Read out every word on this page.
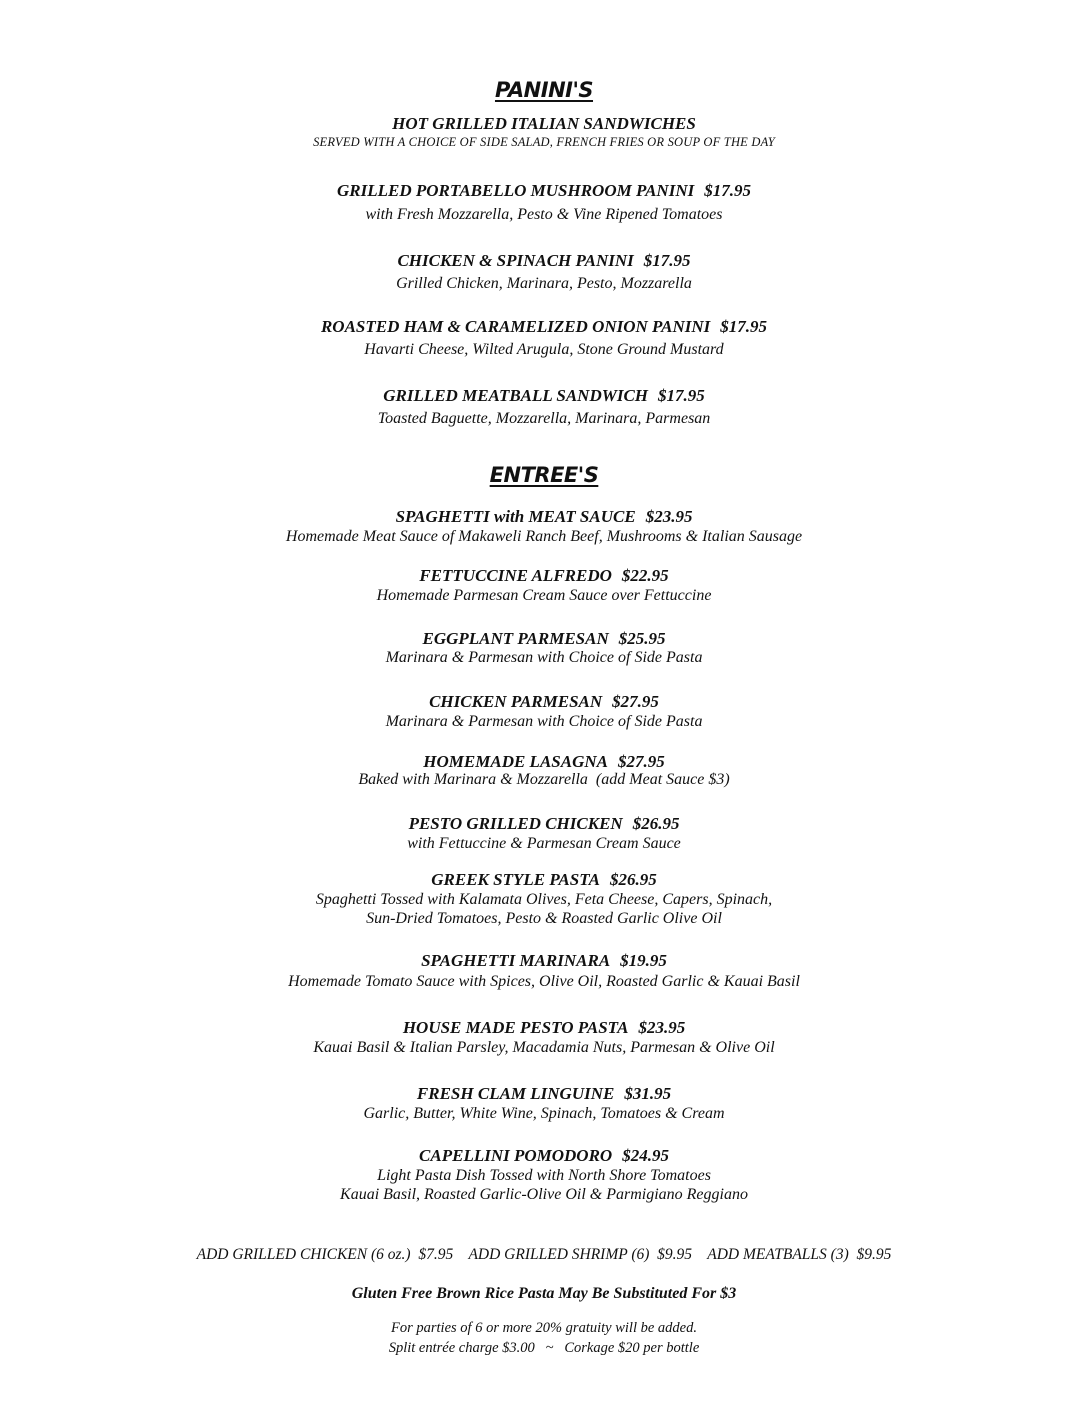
PANINI'S
HOT GRILLED ITALIAN SANDWICHES
SERVED WITH A CHOICE OF SIDE SALAD, FRENCH FRIES OR SOUP OF THE DAY
GRILLED PORTABELLO MUSHROOM PANINI $17.95
with Fresh Mozzarella, Pesto & Vine Ripened Tomatoes
CHICKEN & SPINACH PANINI $17.95
Grilled Chicken, Marinara, Pesto, Mozzarella
ROASTED HAM & CARAMELIZED ONION PANINI $17.95
Havarti Cheese, Wilted Arugula, Stone Ground Mustard
GRILLED MEATBALL SANDWICH $17.95
Toasted Baguette, Mozzarella, Marinara, Parmesan
ENTREE'S
SPAGHETTI with MEAT SAUCE $23.95
Homemade Meat Sauce of Makaweli Ranch Beef, Mushrooms & Italian Sausage
FETTUCCINE ALFREDO $22.95
Homemade Parmesan Cream Sauce over Fettuccine
EGGPLANT PARMESAN $25.95
Marinara & Parmesan with Choice of Side Pasta
CHICKEN PARMESAN $27.95
Marinara & Parmesan with Choice of Side Pasta
HOMEMADE LASAGNA $27.95
Baked with Marinara & Mozzarella  (add Meat Sauce $3)
PESTO GRILLED CHICKEN $26.95
with Fettuccine & Parmesan Cream Sauce
GREEK STYLE PASTA $26.95
Spaghetti Tossed with Kalamata Olives, Feta Cheese, Capers, Spinach,
Sun-Dried Tomatoes, Pesto & Roasted Garlic Olive Oil
SPAGHETTI MARINARA $19.95
Homemade Tomato Sauce with Spices, Olive Oil, Roasted Garlic & Kauai Basil
HOUSE MADE PESTO PASTA $23.95
Kauai Basil & Italian Parsley, Macadamia Nuts, Parmesan & Olive Oil
FRESH CLAM LINGUINE $31.95
Garlic, Butter, White Wine, Spinach, Tomatoes & Cream
CAPELLINI POMODORO $24.95
Light Pasta Dish Tossed with North Shore Tomatoes
Kauai Basil, Roasted Garlic-Olive Oil & Parmigiano Reggiano
ADD GRILLED CHICKEN (6 oz.)  $7.95    ADD GRILLED SHRIMP (6)  $9.95    ADD MEATBALLS (3)  $9.95
Gluten Free Brown Rice Pasta May Be Substituted For $3
For parties of 6 or more 20% gratuity will be added.
Split entrée charge $3.00   ~   Corkage $20 per bottle
